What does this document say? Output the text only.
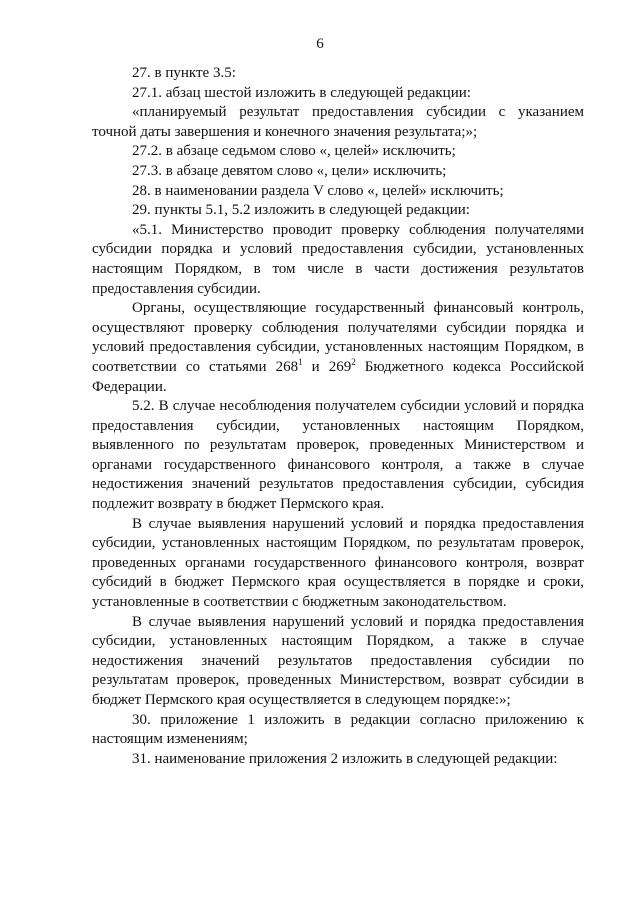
6

27. в пункте 3.5:

27.1. абзац шестой изложить в следующей редакции:

«планируемый результат предоставления субсидии с указанием точной даты завершения и конечного значения результата;»;

27.2. в абзаце седьмом слово «, целей» исключить;

27.3. в абзаце девятом слово «, цели» исключить;

28. в наименовании раздела V слово «, целей» исключить;

29. пункты 5.1, 5.2 изложить в следующей редакции:

«5.1. Министерство проводит проверку соблюдения получателями субсидии порядка и условий предоставления субсидии, установленных настоящим Порядком, в том числе в части достижения результатов предоставления субсидии.

Органы, осуществляющие государственный финансовый контроль, осуществляют проверку соблюдения получателями субсидии порядка и условий предоставления субсидии, установленных настоящим Порядком, в соответствии со статьями $268^1$ и $269^2$ Бюджетного кодекса Российской Федерации.

5.2. В случае несоблюдения получателем субсидии условий и порядка предоставления субсидии, установленных настоящим Порядком, выявленного по результатам проверок, проведенных Министерством и органами государственного финансового контроля, а также в случае недостижения значений результатов предоставления субсидии, субсидия подлежит возврату в бюджет Пермского края.

В случае выявления нарушений условий и порядка предоставления субсидии, установленных настоящим Порядком, по результатам проверок, проведенных органами государственного финансового контроля, возврат субсидий в бюджет Пермского края осуществляется в порядке и сроки, установленные в соответствии с бюджетным законодательством.

В случае выявления нарушений условий и порядка предоставления субсидии, установленных настоящим Порядком, а также в случае недостижения значений результатов предоставления субсидии по результатам проверок, проведенных Министерством, возврат субсидии в бюджет Пермского края осуществляется в следующем порядке:»;

30. приложение 1 изложить в редакции согласно приложению к настоящим изменениям;

31. наименование приложения 2 изложить в следующей редакции:
